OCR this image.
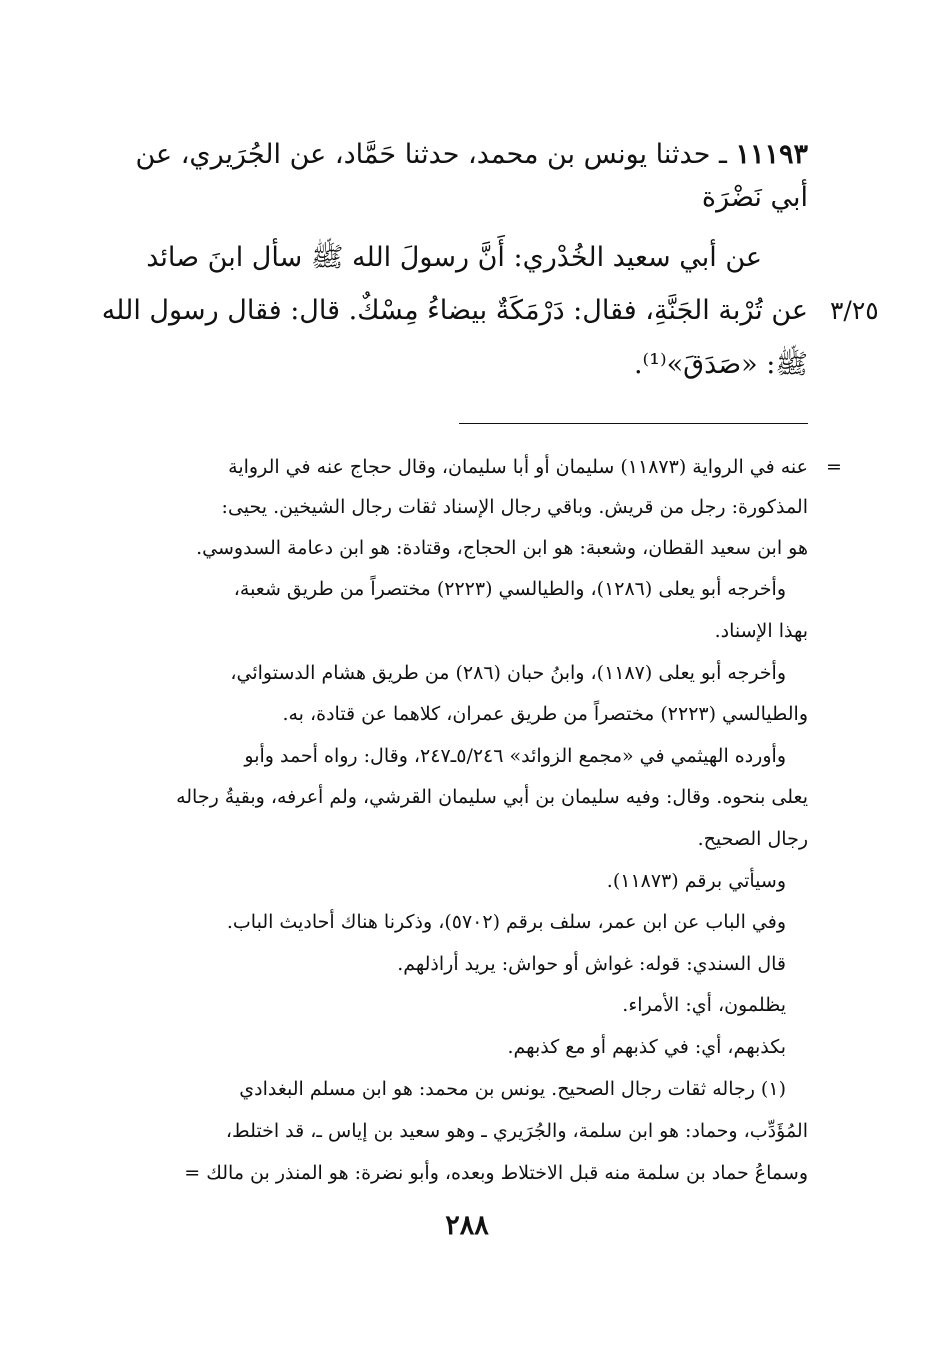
١١١٩٣ ـ حدثنا يونس بن محمد، حدثنا حَمَّاد، عن الجُرَيري، عن
أبي نَضْرَة
عن أبي سعيد الخُدْري: أَنَّ رسولَ الله ﷺ سأل ابنَ صائد
عن تُرْبة الجَنَّةِ، فقال: دَرْمَكَةٌ بيضاءُ مِسْكٌ. قال: فقال رسول الله
ﷺ: «صَدَقَ»⁽¹⁾.
٣/٢٥
=
عنه في الرواية (١١٨٧٣) سليمان أو أبا سليمان، وقال حجاج عنه في الرواية
المذكورة: رجل من قريش. وباقي رجال الإسناد ثقات رجال الشيخين. يحيى:
هو ابن سعيد القطان، وشعبة: هو ابن الحجاج، وقتادة: هو ابن دعامة السدوسي.
وأخرجه أبو يعلى (١٢٨٦)، والطيالسي (٢٢٢٣) مختصراً من طريق شعبة،
بهذا الإسناد.
وأخرجه أبو يعلى (١١٨٧)، وابنُ حبان (٢٨٦) من طريق هشام الدستوائي،
والطيالسي (٢٢٢٣) مختصراً من طريق عمران، كلاهما عن قتادة، به.
وأورده الهيثمي في «مجمع الزوائد» ٥/٢٤٦ـ٢٤٧، وقال: رواه أحمد وأبو
يعلى بنحوه. وقال: وفيه سليمان بن أبي سليمان القرشي، ولم أعرفه، وبقيةُ رجاله
رجال الصحيح.
وسيأتي برقم (١١٨٧٣).
وفي الباب عن ابن عمر، سلف برقم (٥٧٠٢)، وذكرنا هناك أحاديث الباب.
قال السندي: قوله: غواش أو حواش: يريد أراذلهم.
يظلمون، أي: الأمراء.
بكذبهم، أي: في كذبهم أو مع كذبهم.
(١) رجاله ثقات رجال الصحيح. يونس بن محمد: هو ابن مسلم البغدادي
المُؤَدِّب، وحماد: هو ابن سلمة، والجُرَيري ـ وهو سعيد بن إياس ـ، قد اختلط،
وسماعُ حماد بن سلمة منه قبل الاختلاط وبعده، وأبو نضرة: هو المنذر بن مالك =
٢٨٨
